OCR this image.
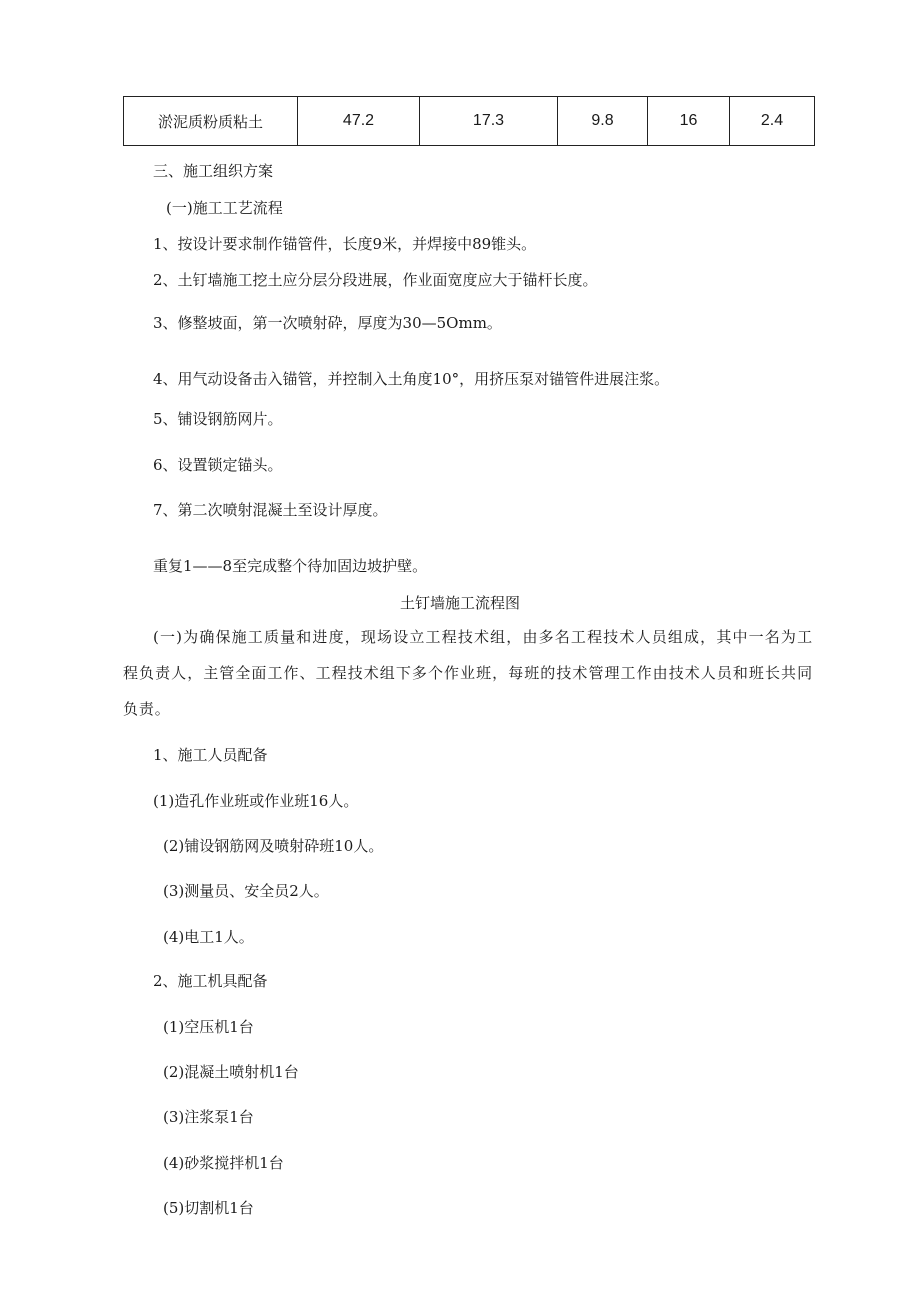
淤泥质粉质粘土	47.2	17.3	9.8	16	2.4
三、施工组织方案
(一)施工工艺流程
1、按设计要求制作锚管件，长度9米，并焊接中89锥头。
2、土钉墙施工挖土应分层分段进展，作业面宽度应大于锚杆长度。
3、修整坡面，第一次喷射砕，厚度为30—5Omm。
4、用气动设备击入锚管，并控制入土角度10°，用挤压泵对锚管件进展注浆。
5、铺设钢筋网片。
6、设置锁定锚头。
7、第二次喷射混凝土至设计厚度。
重复1——8至完成整个待加固边坡护壁。
土钉墙施工流程图

(一)为确保施工质量和进度，现场设立工程技术组，由多名工程技术人员组成，其中一名为工程负责人，主管全面工作、工程技术组下多个作业班，每班的技术管理工作由技术人员和班长共同负责。

1、施工人员配备
(1)造孔作业班或作业班16人。
(2)铺设钢筋网及喷射砕班10人。
(3)测量员、安全员2人。
(4)电工1人。
2、施工机具配备
(1)空压机1台
(2)混凝土喷射机1台
(3)注浆泵1台
(4)砂浆搅拌机1台
(5)切割机1台
